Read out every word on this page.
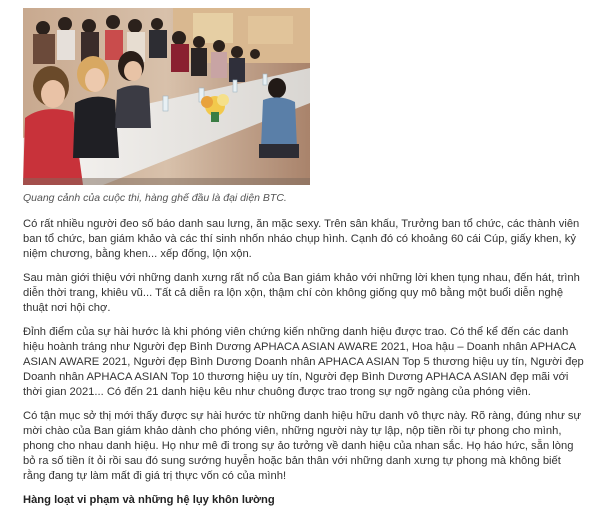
Quang cảnh của cuộc thi, hàng ghế đầu là đại diện BTC.

Có rất nhiều người đeo số báo danh sau lưng, ăn mặc sexy. Trên sân khấu, Trưởng ban tổ chức, các thành viên ban tổ chức, ban giám khảo và các thí sinh nhốn nháo chụp hình. Cạnh đó có khoảng 60 cái Cúp, giấy khen, kỷ niệm chương, bằng khen... xếp đống, lộn xộn.

Sau màn giới thiệu với những danh xưng rất nổ của Ban giám khảo với những lời khen tụng nhau, đến hát, trình diễn thời trang, khiêu vũ... Tất cả diễn ra lộn xộn, thậm chí còn không giống quy mô bằng một buổi diễn nghệ thuật nơi hội chợ.

Đỉnh điểm của sự hài hước là khi phóng viên chứng kiến những danh hiệu được trao. Có thể kể đến các danh hiệu hoành tráng như Người đẹp Bình Dương APHACA ASIAN AWARE 2021, Hoa hậu – Doanh nhân APHACA ASIAN AWARE 2021, Người đẹp Bình Dương Doanh nhân APHACA ASIAN Top 5 thương hiệu uy tín, Người đẹp Doanh nhân APHACA ASIAN Top 10 thương hiệu uy tín, Người đẹp Bình Dương APHACA ASIAN đẹp mãi với thời gian 2021... Có đến 21 danh hiệu kêu như chuông được trao trong sự ngỡ ngàng của phóng viên.

Có tận mục sở thị mới thấy được sự hài hước từ những danh hiệu hữu danh vô thực này. Rõ ràng, đúng như sự mời chào của Ban giám khảo dành cho phóng viên, những người này tự lập, nộp tiền rồi tự phong cho mình, phong cho nhau danh hiệu. Họ như mê đi trong sự ảo tưởng về danh hiệu của nhan sắc. Họ háo hức, sẵn lòng bỏ ra số tiền ít ỏi rồi sau đó sung sướng huyễn hoặc bản thân với những danh xưng tự phong mà không biết rằng đang tự làm mất đi giá trị thực vốn có của mình!

Hàng loạt vi phạm và những hệ lụy khôn lường
